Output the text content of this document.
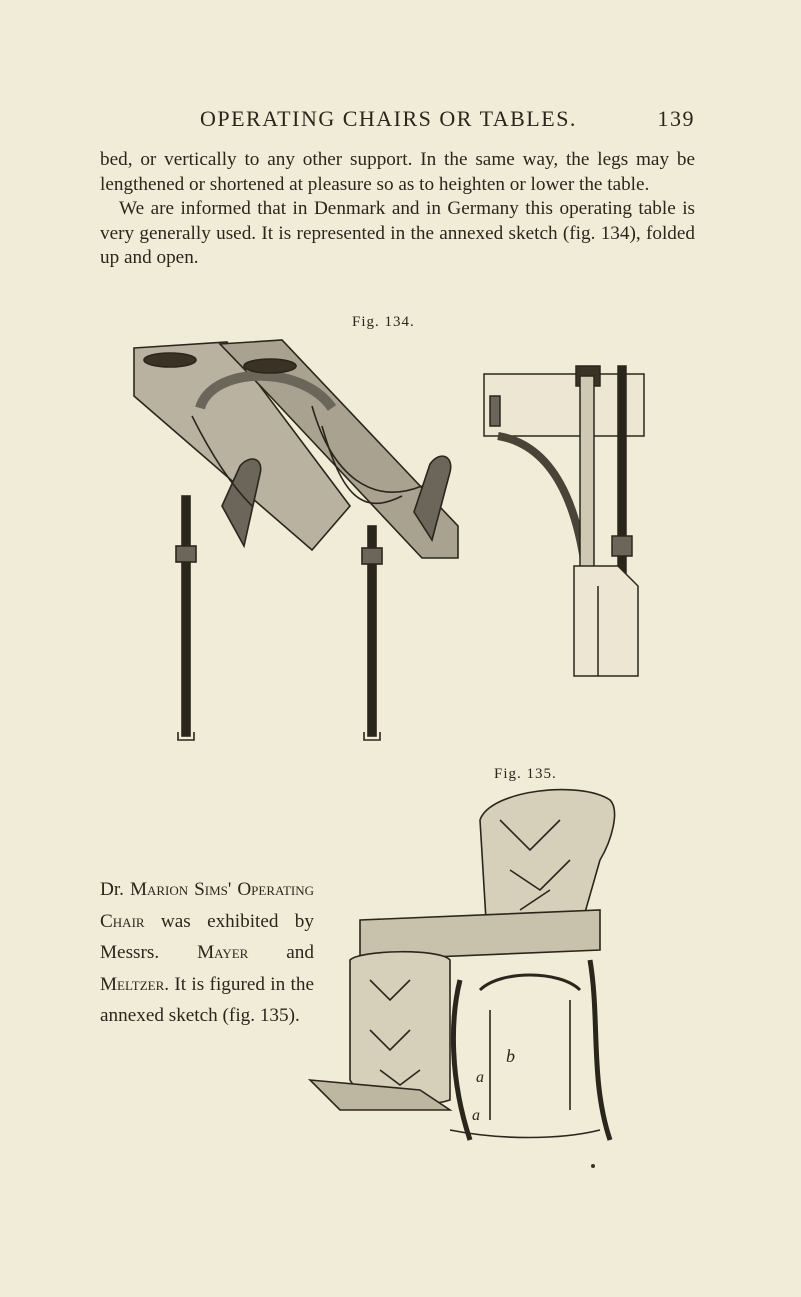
OPERATING CHAIRS OR TABLES.	139

bed, or vertically to any other support. In the same way, the legs may be lengthened or shortened at pleasure so as to heighten or lower the table.

We are informed that in Denmark and in Germany this operating table is very generally used. It is represented in the annexed sketch (fig. 134), folded up and open.

Fig. 134.
Fig. 135.

Dr. Marion Sims' Operating Chair was exhibited by Messrs. Mayer and Meltzer. It is figured in the annexed sketch (fig. 135).

b
a
a
